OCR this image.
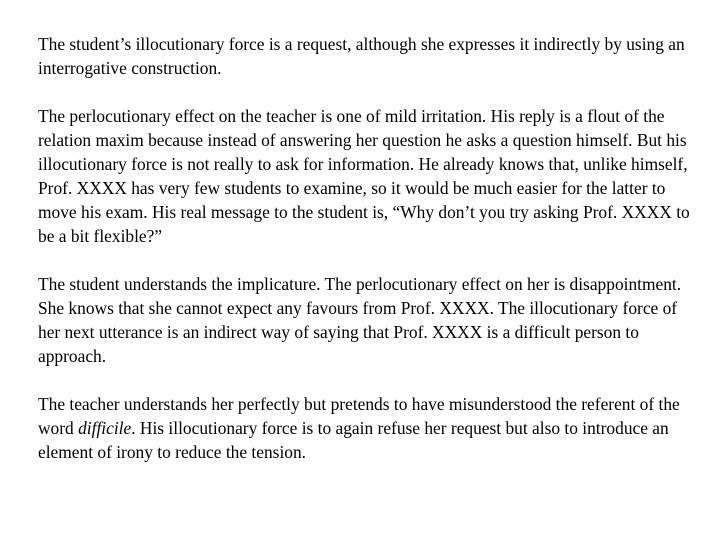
The student’s illocutionary force is a request, although she expresses it indirectly by using an interrogative construction.

The perlocutionary effect on the teacher is one of mild irritation. His reply is a flout of the relation maxim because instead of answering her question he asks a question himself. But his illocutionary force is not really to ask for information. He already knows that, unlike himself, Prof. XXXX has very few students to examine, so it would be much easier for the latter to move his exam. His real message to the student is, “Why don’t you try asking Prof. XXXX to be a bit flexible?”

The student understands the implicature. The perlocutionary effect on her is disappointment. She knows that she cannot expect any favours from Prof. XXXX. The illocutionary force of her next utterance is an indirect way of saying that Prof. XXXX is a difficult person to approach.

The teacher understands her perfectly but pretends to have misunderstood the referent of the word difficile. His illocutionary force is to again refuse her request but also to introduce an element of irony to reduce the tension.
